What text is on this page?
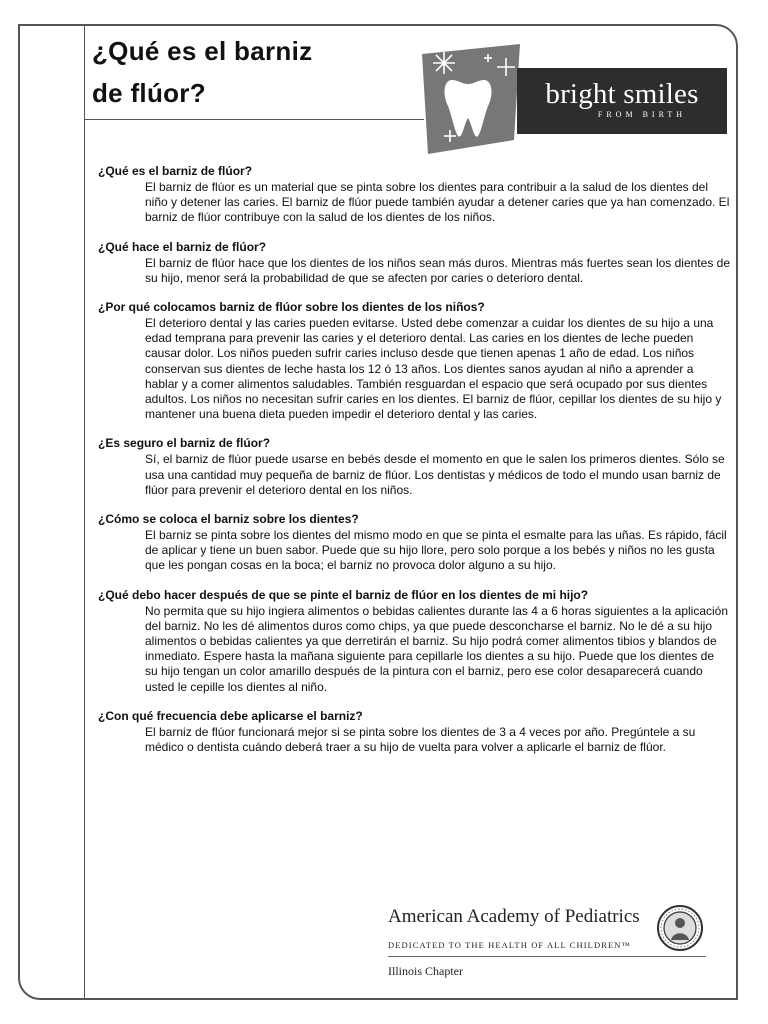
¿Qué es el barniz
de flúor?	bright smiles
FROM BIRTH

¿Qué es el barniz de flúor?

El barniz de flúor es un material que se pinta sobre los dientes para contribuir a la salud de los dientes del niño y detener las caries. El barniz de flúor puede también ayudar a detener caries que ya han comenzado. El barniz de flúor contribuye con la salud de los dientes de los niños.

¿Qué hace el barniz de flúor?

El barniz de flúor hace que los dientes de los niños sean más duros. Mientras más fuertes sean los dientes de su hijo, menor será la probabilidad de que se afecten por caries o deterioro dental.

¿Por qué colocamos barniz de flúor sobre los dientes de los niños?

El deterioro dental y las caries pueden evitarse. Usted debe comenzar a cuidar los dientes de su hijo a una edad temprana para prevenir las caries y el deterioro dental. Las caries en los dientes de leche pueden causar dolor. Los niños pueden sufrir caries incluso desde que tienen apenas 1 año de edad. Los niños conservan sus dientes de leche hasta los 12 ó 13 años. Los dientes sanos ayudan al niño a aprender a hablar y a comer alimentos saludables. También resguardan el espacio que será ocupado por sus dientes adultos. Los niños no necesitan sufrir caries en los dientes. El barniz de flúor, cepillar los dientes de su hijo y mantener una buena dieta pueden impedir el deterioro dental y las caries.

¿Es seguro el barniz de flúor?

Sí, el barniz de flúor puede usarse en bebés desde el momento en que le salen los primeros dientes. Sólo se usa una cantidad muy pequeña de barniz de flúor. Los dentistas y médicos de todo el mundo usan barniz de flúor para prevenir el deterioro dental en los niños.

¿Cómo se coloca el barniz sobre los dientes?

El barniz se pinta sobre los dientes del mismo modo en que se pinta el esmalte para las uñas. Es rápido, fácil de aplicar y tiene un buen sabor. Puede que su hijo llore, pero solo porque a los bebés y niños no les gusta que les pongan cosas en la boca; el barniz no provoca dolor alguno a su hijo.

¿Qué debo hacer después de que se pinte el barniz de flúor en los dientes de mi hijo?

No permita que su hijo ingiera alimentos o bebidas calientes durante las 4 a 6 horas siguientes a la aplicación del barniz. No les dé alimentos duros como chips, ya que puede desconcharse el barniz. No le dé a su hijo alimentos o bebidas calientes ya que derretirán el barniz. Su hijo podrá comer alimentos tibios y blandos de inmediato. Espere hasta la mañana siguiente para cepillarle los dientes a su hijo. Puede que los dientes de su hijo tengan un color amarillo después de la pintura con el barniz, pero ese color desaparecerá cuando usted le cepille los dientes al niño.

¿Con qué frecuencia debe aplicarse el barniz?

El barniz de flúor funcionará mejor si se pinta sobre los dientes de 3 a 4 veces por año. Pregúntele a su médico o dentista cuándo deberá traer a su hijo de vuelta para volver a aplicarle el barniz de flúor.

American Academy of Pediatrics
DEDICATED TO THE HEALTH OF ALL CHILDREN™
Illinois Chapter
